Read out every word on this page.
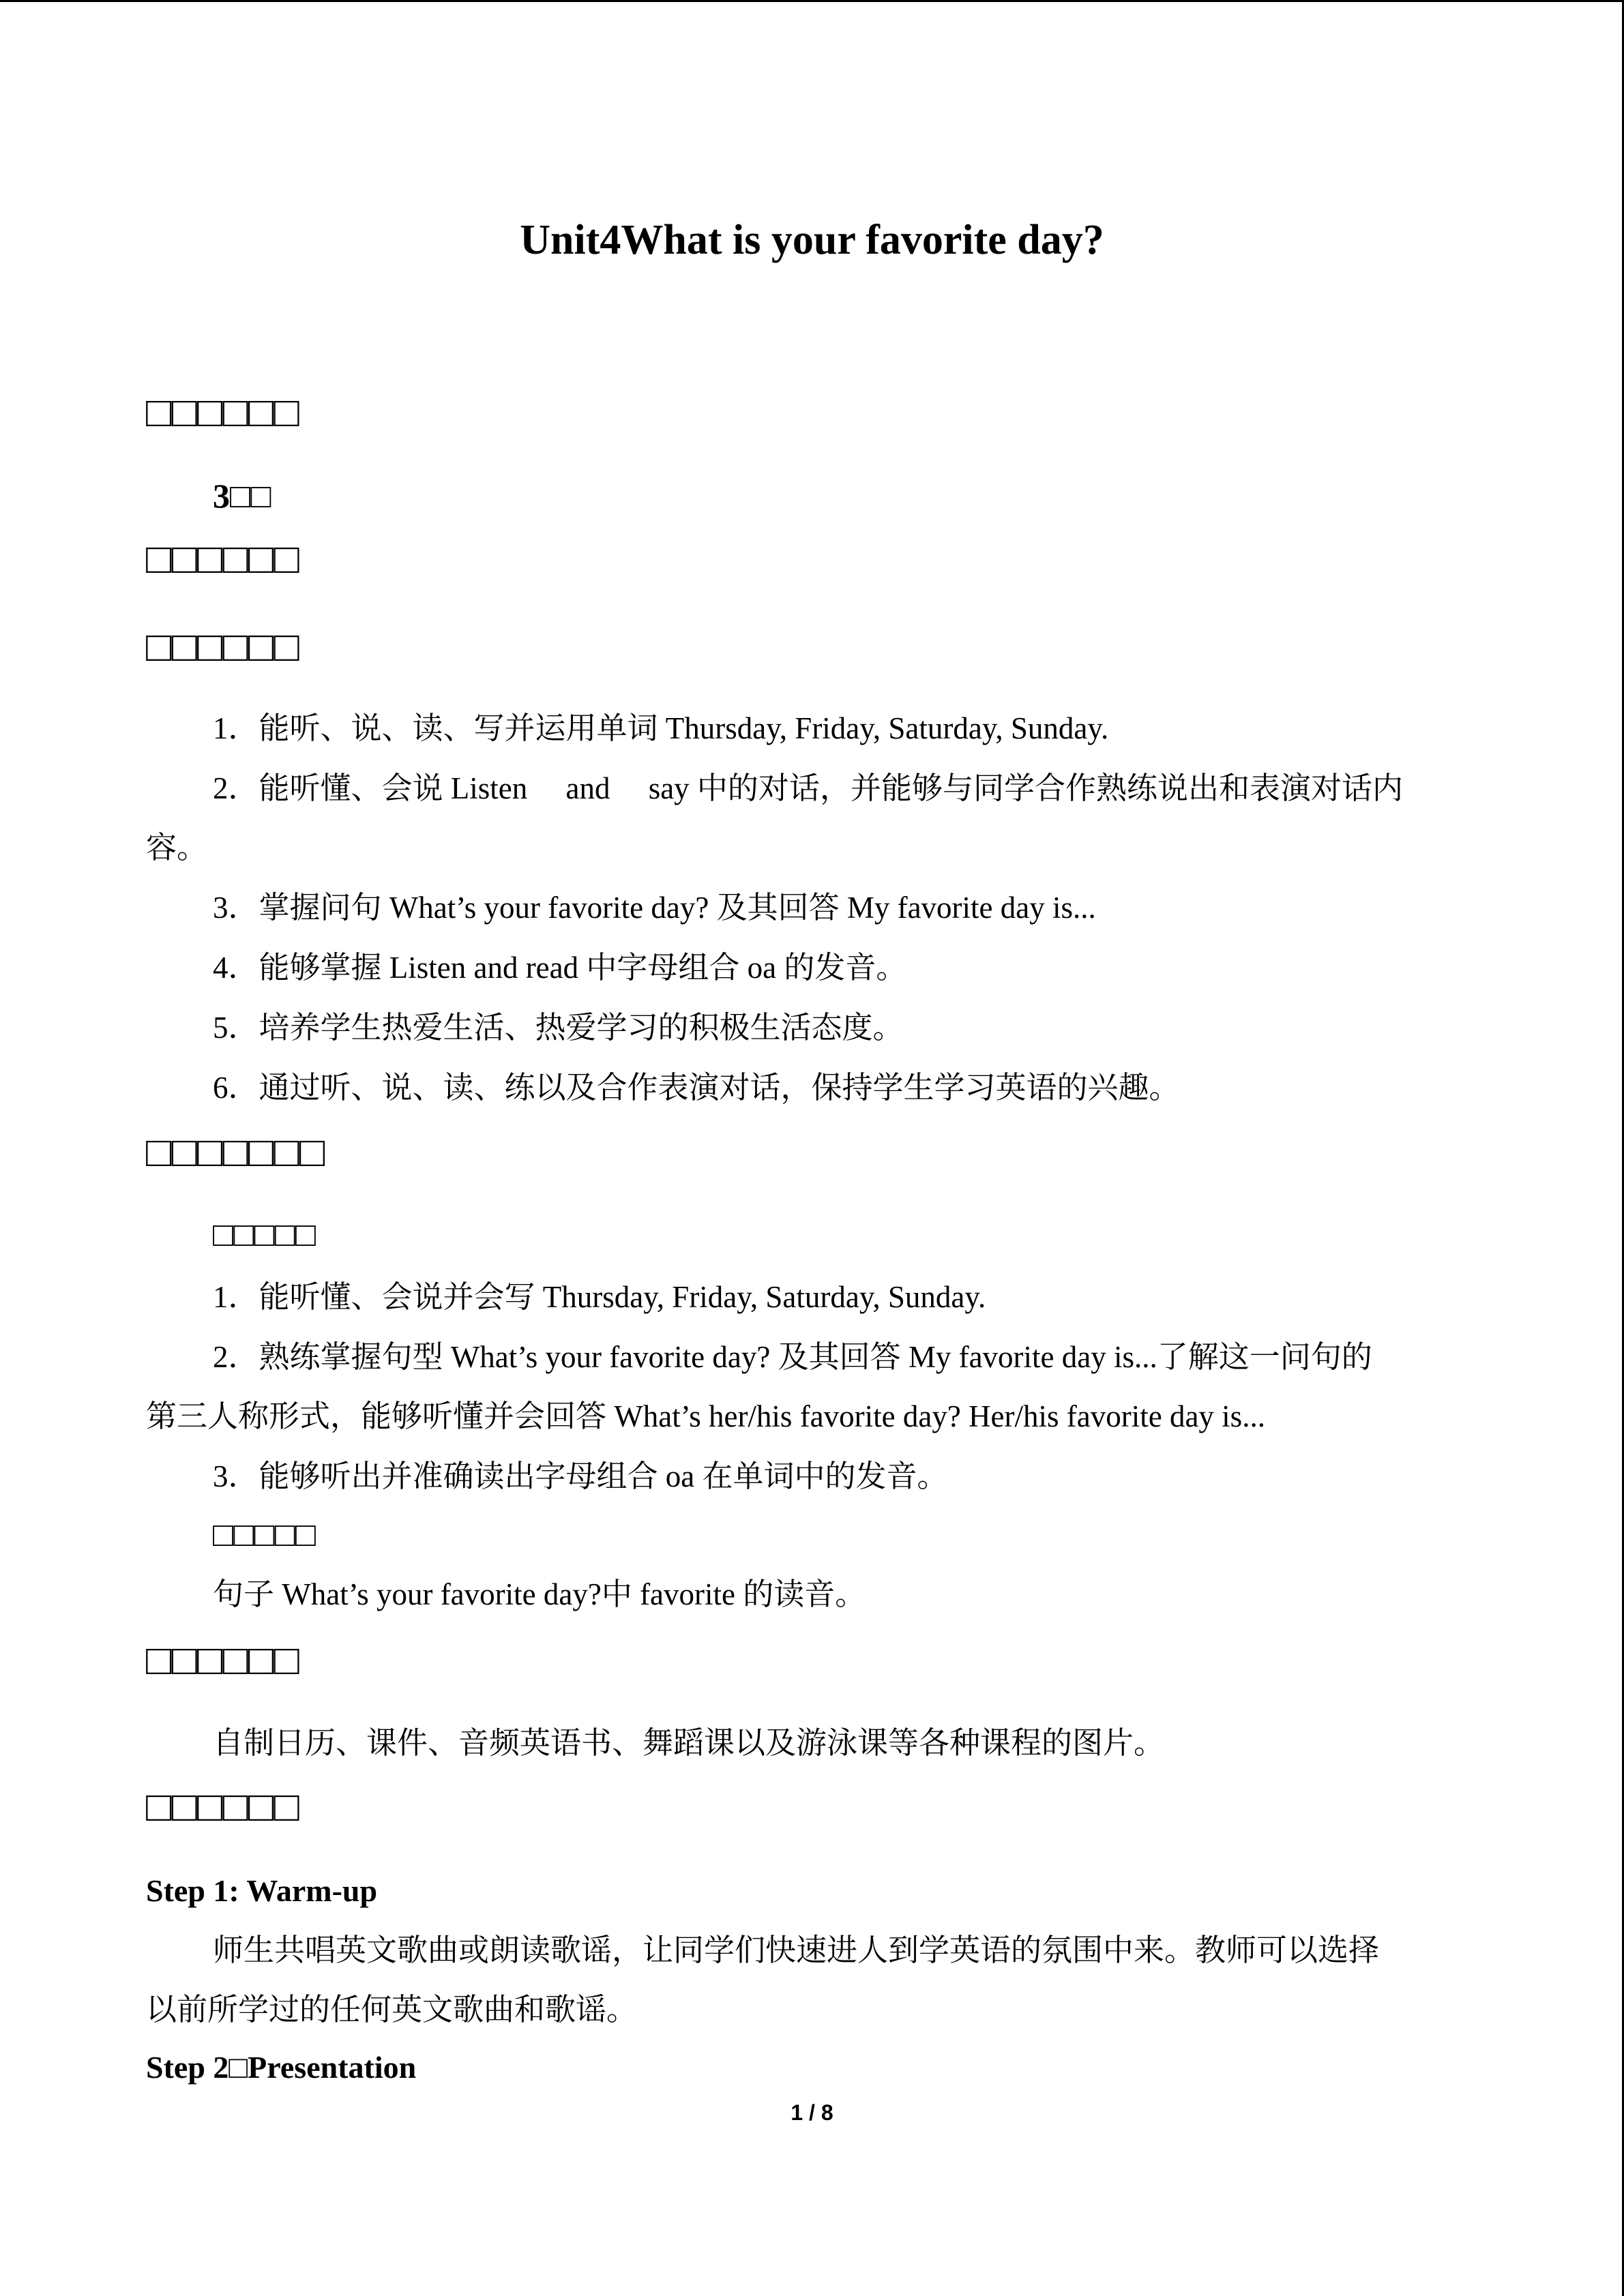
Unit4What is your favorite day?
□□□□□□
3□□
□□□□□□
□□□□□□
1．能听、说、读、写并运用单词 Thursday, Friday, Saturday, Sunday.
2．能听懂、会说 Listen　 and 　say 中的对话，并能够与同学合作熟练说出和表演对话内
容。
3．掌握问句 What’s your favorite day? 及其回答 My favorite day is...
4．能够掌握 Listen and read 中字母组合 oa 的发音。
5．培养学生热爱生活、热爱学习的积极生活态度。
6．通过听、说、读、练以及合作表演对话，保持学生学习英语的兴趣。
□□□□□□□
□□□□□
1．能听懂、会说并会写 Thursday, Friday, Saturday, Sunday.
2．熟练掌握句型 What’s your favorite day? 及其回答 My favorite day is...了解这一问句的
第三人称形式，能够听懂并会回答 What’s her/his favorite day? Her/his favorite day is...
3．能够听出并准确读出字母组合 oa 在单词中的发音。
□□□□□
句子 What’s your favorite day?中 favorite 的读音。
□□□□□□
自制日历、课件、音频英语书、舞蹈课以及游泳课等各种课程的图片。
□□□□□□
Step 1: Warm-up
师生共唱英文歌曲或朗读歌谣，让同学们快速进人到学英语的氛围中来。教师可以选择
以前所学过的任何英文歌曲和歌谣。
Step 2□Presentation
1 / 8
